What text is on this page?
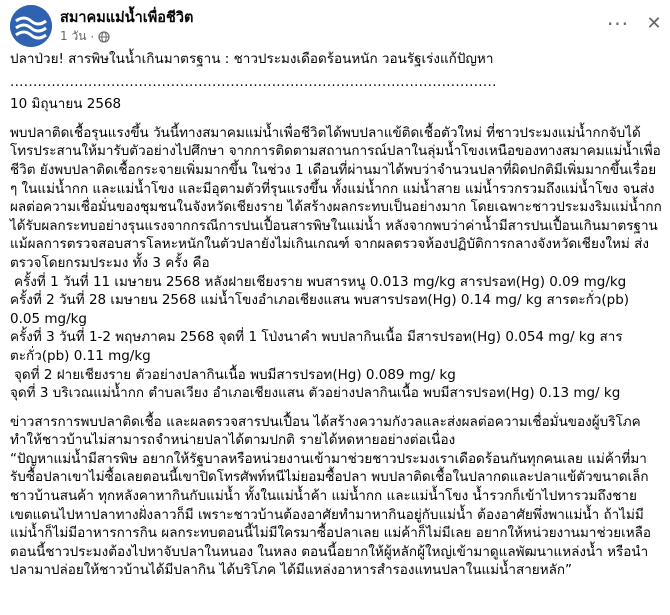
สมาคมแม่น้ำเพื่อชีวิต
1 วัน ·
··· ✕

ปลาป่วย! สารพิษในน้ำเกินมาตรฐาน : ชาวประมงเดือดร้อนหนัก วอนรัฐเร่งแก้ปัญหา

..........................................................................................................

10 มิถุนายน 2568

พบปลาติดเชื้อรุนแรงขึ้น วันนี้ทางสมาคมแม่น้ำเพื่อชีวิตได้พบปลาแข้ติดเชื้อตัวใหม่ ที่ชาวประมงแม่น้ำกกจับได้ โทรประสานให้มารับตัวอย่างไปศึกษา จากการติดตามสถานการณ์ปลาในลุ่มน้ำโขงเหนือของทางสมาคมแม่น้ำเพื่อชีวิต ยังพบปลาติดเชื้อกระจายเพิ่มมากขึ้น ในช่วง 1 เดือนที่ผ่านมาได้พบว่าจำนวนปลาที่ผิดปกติมีเพิ่มมากขึ้นเรื่อย ๆ ในแม่น้ำกก และแม่น้ำโขง และมีอุตามตัวที่รุนแรงขึ้น ทั้งแม่น้ำกก แม่น้ำสาย แม่น้ำรวกรวมถึงแม่น้ำโขง จนส่งผลต่อความเชื่อมั่นของชุมชนในจังหวัดเชียงราย ได้สร้างผลกระทบเป็นอย่างมาก โดยเฉพาะชาวประมงริมแม่น้ำกกได้รับผลกระทบอย่างรุนแรงจากกรณีการปนเปื้อนสารพิษในแม่น้ำ หลังจากพบว่าค่าน้ำมีสารปนเปื้อนเกินมาตรฐาน แม้ผลการตรวจสอบสารโลหะหนักในตัวปลายังไม่เกินเกณฑ์ จากผลตรวจห้องปฏิบัติการกลางจังหวัดเชียงใหม่ ส่งตรวจโดยกรมประมง ทั้ง 3 ครั้ง คือ

ครั้งที่ 1 วันที่ 11 เมษายน 2568 หลังฝายเชียงราย พบสารหนู 0.013 mg/kg สารปรอท(Hg) 0.09 mg/kg

ครั้งที่ 2 วันที่ 28 เมษายน 2568 แม่น้ำโขงอำเภอเชียงแสน พบสารปรอท(Hg) 0.14 mg/ kg สารตะกั่ว(pb) 0.05 mg/kg

ครั้งที่ 3 วันที่ 1-2 พฤษภาคม 2568 จุดที่ 1 โป่งนาคำ พบปลากินเนื้อ มีสารปรอท(Hg) 0.054 mg/ kg สารตะกั่ว(pb) 0.11 mg/kg

จุดที่ 2 ฝายเชียงราย ตัวอย่างปลากินเนื้อ พบมีสารปรอท(Hg) 0.089 mg/ kg

จุดที่ 3 บริเวณแม่น้ำกก ตำบลเวียง อำเภอเชียงแสน ตัวอย่างปลากินเนื้อ พบมีสารปรอท(Hg) 0.13 mg/ kg

ข่าวสารการพบปลาติดเชื้อ และผลตรวจสารปนเปื้อน ได้สร้างความกังวลและส่งผลต่อความเชื่อมั่นของผู้บริโภค ทำให้ชาวบ้านไม่สามารถจำหน่ายปลาได้ตามปกติ รายได้หดหายอย่างต่อเนื่อง

“ปัญหาแม่น้ำมีสารพิษ อยากให้รัฐบาลหรือหน่วยงานเข้ามาช่วยชาวประมงเราเดือดร้อนกันทุกคนเลย แม่ค้าที่มารับซื้อปลาเขาไม่ซื้อเลยตอนนี้เขาปิดโทรศัพท์หนีไม่ยอมซื้อปลา พบปลาติดเชื้อในปลากดและปลาแข้ตัวขนาดเล็ก ชาวบ้านสนค้า ทุกหลังคาหากินกับแม่น้ำ ทั้งในแม่น้ำค้า แม่น้ำกก และแม่น้ำโขง น้ำรวกก็เข้าไปหารวมถึงชายเขตแดนไปหาปลาทางฝั่งลาวก็มี เพราะชาวบ้านต้องอาศัยทำมาหากินอยู่กับแม่น้ำ ต้องอาศัยพึ่งพาแม่น้ำ ถ้าไม่มีแม่น้ำก็ไม่มีอาหารการกิน ผลกระทบตอนนี้ไม่มีใครมาซื้อปลาเลย แม่ค้าก็ไม่มีเลย อยากให้หน่วยงานมาช่วยเหลือ ตอนนี้ชาวประมงต้องไปหาจับปลาในหนอง ในหลง ตอนนี้อยากให้ผู้หลักผู้ใหญ่เข้ามาดูแลพัฒนาแหล่งน้ำ หรือนำปลามาปล่อยให้ชาวบ้านได้มีปลากิน ได้บริโภค ได้มีแหล่งอาหารสำรองแทนปลาในแม่น้ำสายหลัก”
